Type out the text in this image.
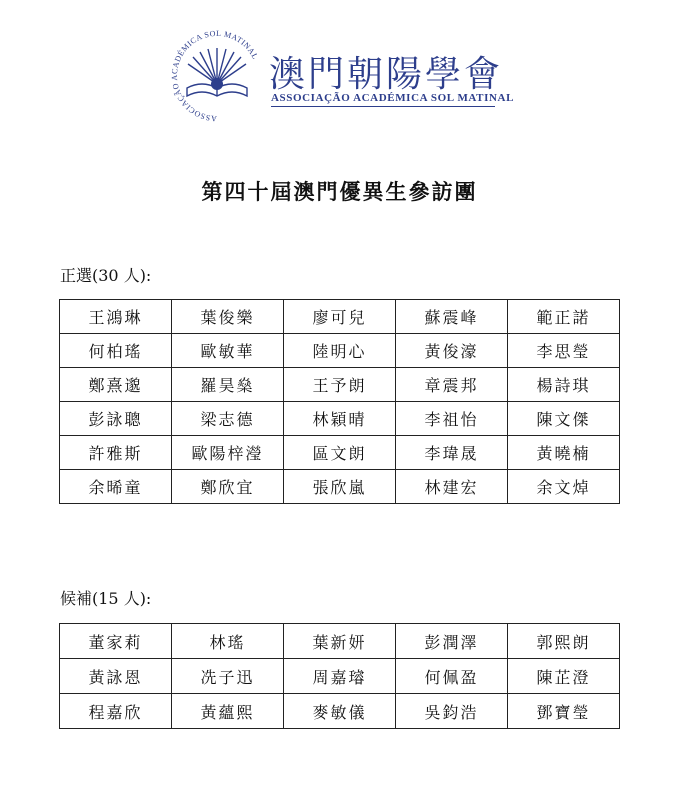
ASSOCIAÇÃO ACADÉMICA SOL MATINAL 澳門朝陽學會
ASSOCIAÇÃO ACADÉMICA SOL MATINAL
第四十屆澳門優異生參訪團
正選(30 人):
王鴻琳	葉俊樂	廖可兒	蘇震峰	範正諾
何柏瑤	歐敏華	陸明心	黃俊濠	李思瑩
鄭熹邈	羅昊燊	王予朗	章震邦	楊詩琪
彭詠聰	梁志德	林穎晴	李祖怡	陳文傑
許雅斯	歐陽梓瀅	區文朗	李瑋晟	黃曉楠
余晞童	鄭欣宜	張欣嵐	林建宏	余文焯
候補(15 人):
董家莉	林瑤	葉新妍	彭潤澤	郭熙朗
黃詠恩	冼子迅	周嘉璿	何佩盈	陳芷澄
程嘉欣	黃蘊熙	麥敏儀	吳鈞浩	鄧寶瑩
